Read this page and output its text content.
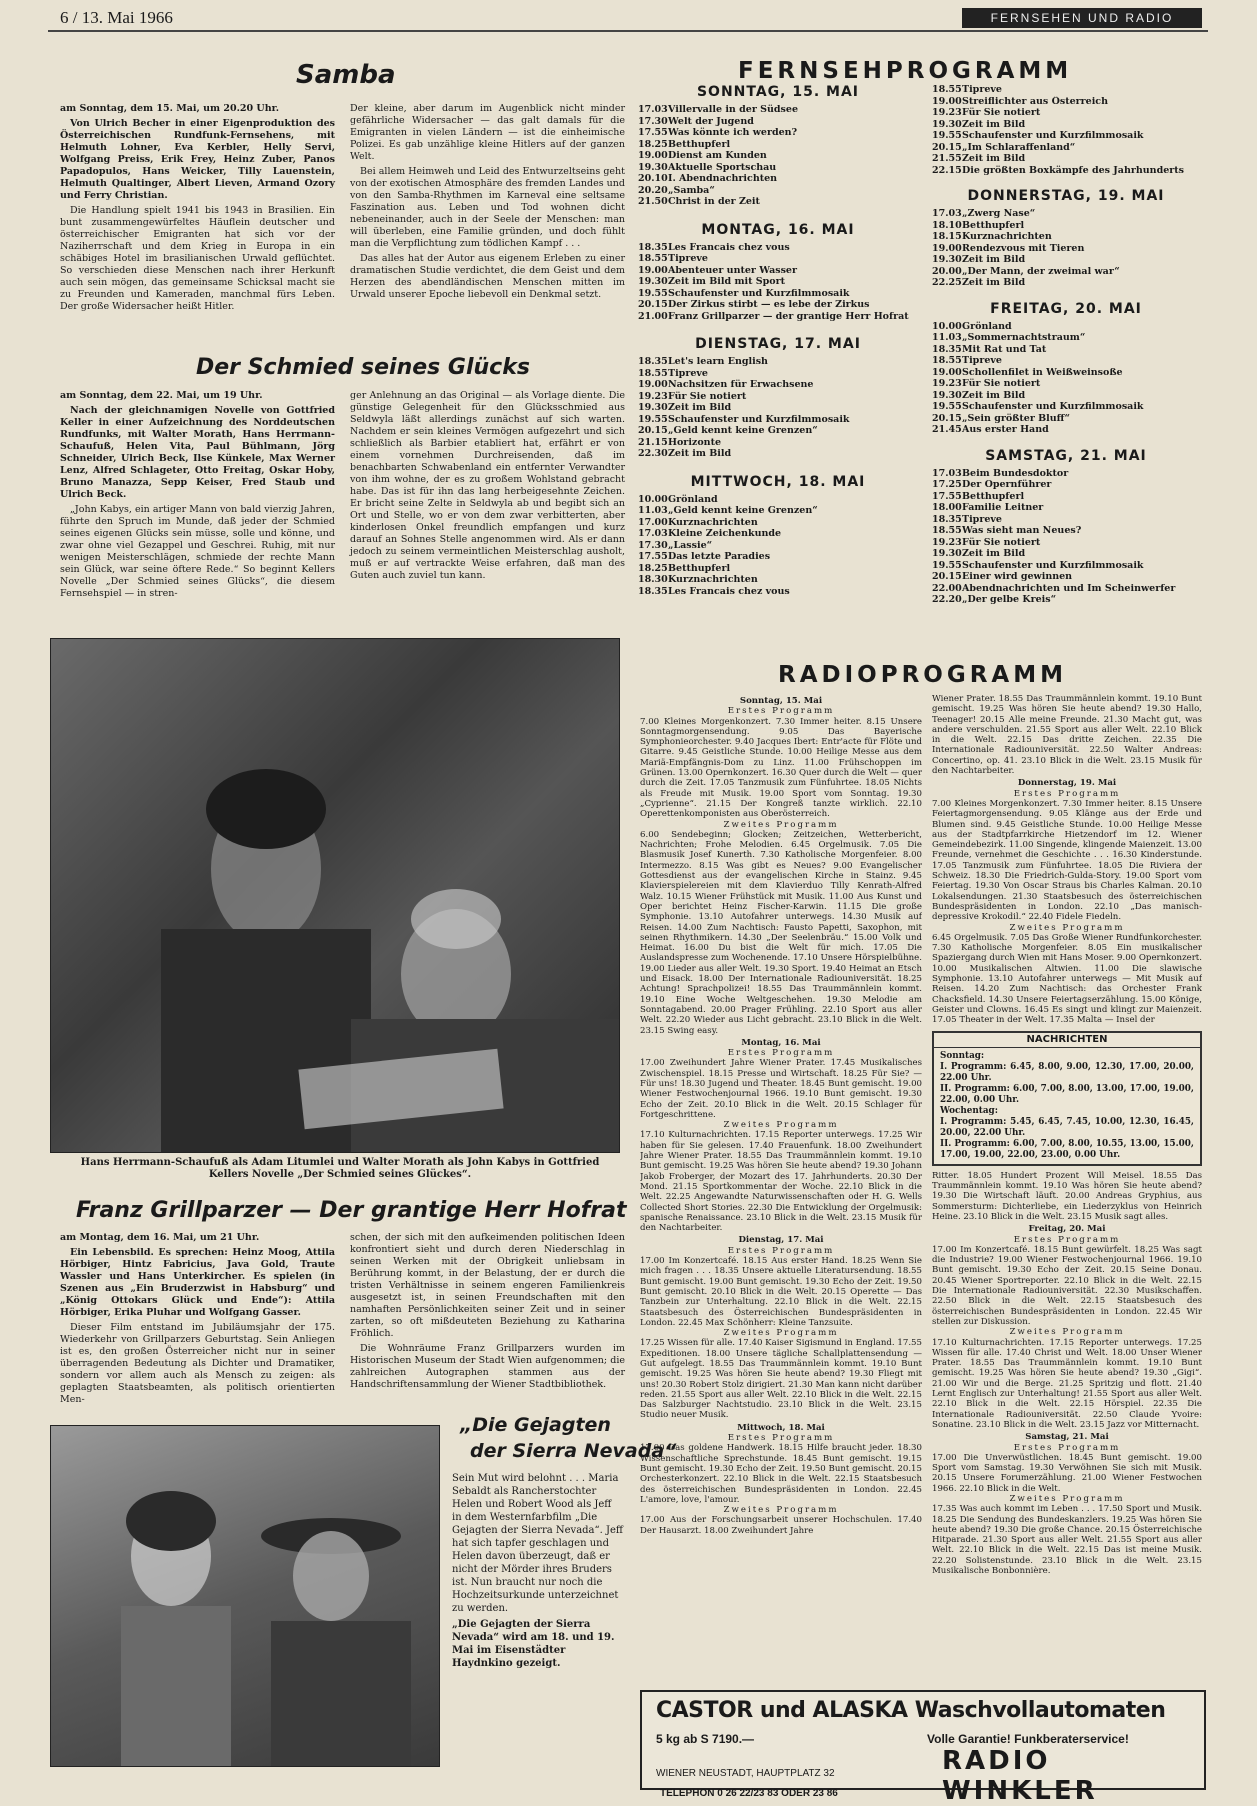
6 / 13. Mai 1966	FERNSEHEN UND RADIO
Samba

am Sonntag, dem 15. Mai, um 20.20 Uhr.

Von Ulrich Becher in einer Eigenproduktion des Österreichischen Rundfunk-Fernsehens, mit Helmuth Lohner, Eva Kerbler, Helly Servi, Wolfgang Preiss, Erik Frey, Heinz Zuber, Panos Papadopulos, Hans Weicker, Tilly Lauenstein, Helmuth Qualtinger, Albert Lieven, Armand Ozory und Ferry Christian.

Die Handlung spielt 1941 bis 1943 in Brasilien. Ein bunt zusammengewürfeltes Häuflein deutscher und österreichischer Emigranten hat sich vor der Naziherrschaft und dem Krieg in Europa in ein schäbiges Hotel im brasilianischen Urwald geflüchtet. So verschieden diese Menschen nach ihrer Herkunft auch sein mögen, das gemeinsame Schicksal macht sie zu Freunden und Kameraden, manchmal fürs Leben. Der große Widersacher heißt Hitler.

Der kleine, aber darum im Augenblick nicht minder gefährliche Widersacher — das galt damals für die Emigranten in vielen Ländern — ist die einheimische Polizei. Es gab unzählige kleine Hitlers auf der ganzen Welt.

Bei allem Heimweh und Leid des Entwurzeltseins geht von der exotischen Atmosphäre des fremden Landes und von den Samba-Rhythmen im Karneval eine seltsame Faszination aus. Leben und Tod wohnen dicht nebeneinander, auch in der Seele der Menschen: man will überleben, eine Familie gründen, und doch fühlt man die Verpflichtung zum tödlichen Kampf . . .

Das alles hat der Autor aus eigenem Erleben zu einer dramatischen Studie verdichtet, die dem Geist und dem Herzen des abendländischen Menschen mitten im Urwald unserer Epoche liebevoll ein Denkmal setzt.

Der Schmied seines Glücks

am Sonntag, dem 22. Mai, um 19 Uhr.

Nach der gleichnamigen Novelle von Gottfried Keller in einer Aufzeichnung des Norddeutschen Rundfunks, mit Walter Morath, Hans Herrmann-Schaufuß, Helen Vita, Paul Bühlmann, Jörg Schneider, Ulrich Beck, Ilse Künkele, Max Werner Lenz, Alfred Schlageter, Otto Freitag, Oskar Hoby, Bruno Manazza, Sepp Keiser, Fred Staub und Ulrich Beck.

„John Kabys, ein artiger Mann von bald vierzig Jahren, führte den Spruch im Munde, daß jeder der Schmied seines eigenen Glücks sein müsse, solle und könne, und zwar ohne viel Gezappel und Geschrei. Ruhig, mit nur wenigen Meisterschlägen, schmiede der rechte Mann sein Glück, war seine öftere Rede.“ So beginnt Kellers Novelle „Der Schmied seines Glücks“, die diesem Fernsehspiel — in stren-

ger Anlehnung an das Original — als Vorlage diente. Die günstige Gelegenheit für den Glücksschmied aus Seldwyla läßt allerdings zunächst auf sich warten. Nachdem er sein kleines Vermögen aufgezehrt und sich schließlich als Barbier etabliert hat, erfährt er von einem vornehmen Durchreisenden, daß im benachbarten Schwabenland ein entfernter Verwandter von ihm wohne, der es zu großem Wohlstand gebracht habe. Das ist für ihn das lang herbeigesehnte Zeichen. Er bricht seine Zelte in Seldwyla ab und begibt sich an Ort und Stelle, wo er von dem zwar verbitterten, aber kinderlosen Onkel freundlich empfangen und kurz darauf an Sohnes Stelle angenommen wird. Als er dann jedoch zu seinem vermeintlichen Meisterschlag ausholt, muß er auf vertrackte Weise erfahren, daß man des Guten auch zuviel tun kann.

Hans Herrmann-Schaufuß als Adam Litumlei und Walter Morath als John Kabys in Gottfried Kellers Novelle „Der Schmied seines Glückes“.
Franz Grillparzer — Der grantige Herr Hofrat

am Montag, dem 16. Mai, um 21 Uhr.

Ein Lebensbild. Es sprechen: Heinz Moog, Attila Hörbiger, Hintz Fabricius, Java Gold, Traute Wassler und Hans Unterkircher. Es spielen (in Szenen aus „Ein Bruderzwist in Habsburg“ und „König Ottokars Glück und Ende“): Attila Hörbiger, Erika Pluhar und Wolfgang Gasser.

Dieser Film entstand im Jubiläumsjahr der 175. Wiederkehr von Grillparzers Geburtstag. Sein Anliegen ist es, den großen Österreicher nicht nur in seiner überragenden Bedeutung als Dichter und Dramatiker, sondern vor allem auch als Mensch zu zeigen: als geplagten Staatsbeamten, als politisch orientierten Men-

schen, der sich mit den aufkeimenden politischen Ideen konfrontiert sieht und durch deren Niederschlag in seinen Werken mit der Obrigkeit unliebsam in Berührung kommt, in der Belastung, der er durch die tristen Verhältnisse in seinem engeren Familienkreis ausgesetzt ist, in seinen Freundschaften mit den namhaften Persönlichkeiten seiner Zeit und in seiner zarten, so oft mißdeuteten Beziehung zu Katharina Fröhlich.

Die Wohnräume Franz Grillparzers wurden im Historischen Museum der Stadt Wien aufgenommen; die zahlreichen Autographen stammen aus der Handschriftensammlung der Wiener Stadtbibliothek.

„Die Gejagten
der Sierra Nevada“

Sein Mut wird belohnt . . . Maria Sebaldt als Rancherstochter Helen und Robert Wood als Jeff in dem Westernfarbfilm „Die Gejagten der Sierra Nevada“. Jeff hat sich tapfer geschlagen und Helen davon überzeugt, daß er nicht der Mörder ihres Bruders ist. Nun braucht nur noch die Hochzeitsurkunde unterzeichnet zu werden.

„Die Gejagten der Sierra Nevada“ wird am 18. und 19. Mai im Eisenstädter Haydnkino gezeigt.

FERNSEHPROGRAMM
SONNTAG, 15. MAI
17.03Villervalle in der Südsee
17.30Welt der Jugend
17.55Was könnte ich werden?
18.25Betthupferl
19.00Dienst am Kunden
19.30Aktuelle Sportschau
20.10I. Abendnachrichten
20.20„Samba“
21.50Christ in der Zeit
MONTAG, 16. MAI
18.35Les Francais chez vous
18.55Tipreve
19.00Abenteuer unter Wasser
19.30Zeit im Bild mit Sport
19.55Schaufenster und Kurzfilmmosaik
20.15Der Zirkus stirbt — es lebe der Zirkus
21.00Franz Grillparzer — der grantige Herr Hofrat
DIENSTAG, 17. MAI
18.35Let's learn English
18.55Tipreve
19.00Nachsitzen für Erwachsene
19.23Für Sie notiert
19.30Zeit im Bild
19.55Schaufenster und Kurzfilmmosaik
20.15„Geld kennt keine Grenzen“
21.15Horizonte
22.30Zeit im Bild
MITTWOCH, 18. MAI
10.00Grönland
11.03„Geld kennt keine Grenzen“
17.00Kurznachrichten
17.03Kleine Zeichenkunde
17.30„Lassie“
17.55Das letzte Paradies
18.25Betthupferl
18.30Kurznachrichten
18.35Les Francais chez vous
18.55Tipreve
19.00Streiflichter aus Österreich
19.23Für Sie notiert
19.30Zeit im Bild
19.55Schaufenster und Kurzfilmmosaik
20.15„Im Schlaraffenland“
21.55Zeit im Bild
22.15Die größten Boxkämpfe des Jahrhunderts
DONNERSTAG, 19. MAI
17.03„Zwerg Nase“
18.10Betthupferl
18.15Kurznachrichten
19.00Rendezvous mit Tieren
19.30Zeit im Bild
20.00„Der Mann, der zweimal war“
22.25Zeit im Bild
FREITAG, 20. MAI
10.00Grönland
11.03„Sommernachtstraum“
18.35Mit Rat und Tat
18.55Tipreve
19.00Schollenfilet in Weißweinsoße
19.23Für Sie notiert
19.30Zeit im Bild
19.55Schaufenster und Kurzfilmmosaik
20.15„Sein größter Bluff“
21.45Aus erster Hand
SAMSTAG, 21. MAI
17.03Beim Bundesdoktor
17.25Der Opernführer
17.55Betthupferl
18.00Familie Leitner
18.35Tipreve
18.55Was sieht man Neues?
19.23Für Sie notiert
19.30Zeit im Bild
19.55Schaufenster und Kurzfilmmosaik
20.15Einer wird gewinnen
22.00Abendnachrichten und Im Scheinwerfer
22.20„Der gelbe Kreis“
RADIOPROGRAMM
Sonntag, 15. Mai
Erstes Programm

7.00 Kleines Morgenkonzert. 7.30 Immer heiter. 8.15 Unsere Sonntagmorgensendung. 9.05 Das Bayerische Symphonieorchester. 9.40 Jacques Ibert: Entr'acte für Flöte und Gitarre. 9.45 Geistliche Stunde. 10.00 Heilige Messe aus dem Mariä-Empfängnis-Dom zu Linz. 11.00 Frühschoppen im Grünen. 13.00 Opernkonzert. 16.30 Quer durch die Welt — quer durch die Zeit. 17.05 Tanzmusik zum Fünfuhrtee. 18.05 Nichts als Freude mit Musik. 19.00 Sport vom Sonntag. 19.30 „Cyprienne“. 21.15 Der Kongreß tanzte wirklich. 22.10 Operettenkomponisten aus Oberösterreich.

Zweites Programm

6.00 Sendebeginn; Glocken; Zeitzeichen, Wetterbericht, Nachrichten; Frohe Melodien. 6.45 Orgelmusik. 7.05 Die Blasmusik Josef Kunerth. 7.30 Katholische Morgenfeier. 8.00 Intermezzo. 8.15 Was gibt es Neues? 9.00 Evangelischer Gottesdienst aus der evangelischen Kirche in Stainz. 9.45 Klavierspielereien mit dem Klavierduo Tilly Kenrath-Alfred Walz. 10.15 Wiener Frühstück mit Musik. 11.00 Aus Kunst und Oper berichtet Heinz Fischer-Karwin. 11.15 Die große Symphonie. 13.10 Autofahrer unterwegs. 14.30 Musik auf Reisen. 14.00 Zum Nachtisch: Fausto Papetti, Saxophon, mit seinen Rhythmikern. 14.30 „Der Seelenbräu.“ 15.00 Volk und Heimat. 16.00 Du bist die Welt für mich. 17.05 Die Auslandspresse zum Wochenende. 17.10 Unsere Hörspielbühne. 19.00 Lieder aus aller Welt. 19.30 Sport. 19.40 Heimat an Etsch und Eisack. 18.00 Der Internationale Radiouniversität. 18.25 Achtung! Sprachpolizei! 18.55 Das Traummännlein kommt. 19.10 Eine Woche Weltgeschehen. 19.30 Melodie am Sonntagabend. 20.00 Prager Frühling. 22.10 Sport aus aller Welt. 22.20 Wieder aus Licht gebracht. 23.10 Blick in die Welt. 23.15 Swing easy.

Montag, 16. Mai
Erstes Programm

17.00 Zweihundert Jahre Wiener Prater. 17.45 Musikalisches Zwischenspiel. 18.15 Presse und Wirtschaft. 18.25 Für Sie? — Für uns! 18.30 Jugend und Theater. 18.45 Bunt gemischt. 19.00 Wiener Festwochenjournal 1966. 19.10 Bunt gemischt. 19.30 Echo der Zeit. 20.10 Blick in die Welt. 20.15 Schlager für Fortgeschrittene.

Zweites Programm

17.10 Kulturnachrichten. 17.15 Reporter unterwegs. 17.25 Wir haben für Sie gelesen. 17.40 Frauenfunk. 18.00 Zweihundert Jahre Wiener Prater. 18.55 Das Traummännlein kommt. 19.10 Bunt gemischt. 19.25 Was hören Sie heute abend? 19.30 Johann Jakob Froberger, der Mozart des 17. Jahrhunderts. 20.30 Der Mond. 21.15 Sportkommentar der Woche. 22.10 Blick in die Welt. 22.25 Angewandte Naturwissenschaften oder H. G. Wells Collected Short Stories. 22.30 Die Entwicklung der Orgelmusik: spanische Renaissance. 23.10 Blick in die Welt. 23.15 Musik für den Nachtarbeiter.

Dienstag, 17. Mai
Erstes Programm

17.00 Im Konzertcafé. 18.15 Aus erster Hand. 18.25 Wenn Sie mich fragen . . . 18.35 Unsere aktuelle Literatursendung. 18.55 Bunt gemischt. 19.00 Bunt gemischt. 19.30 Echo der Zeit. 19.50 Bunt gemischt. 20.10 Blick in die Welt. 20.15 Operette — Das Tanzbein zur Unterhaltung. 22.10 Blick in die Welt. 22.15 Staatsbesuch des Österreichischen Bundespräsidenten in London. 22.45 Max Schönherr: Kleine Tanzsuite.

Zweites Programm

17.25 Wissen für alle. 17.40 Kaiser Sigismund in England. 17.55 Expeditionen. 18.00 Unsere tägliche Schallplattensendung — Gut aufgelegt. 18.55 Das Traummännlein kommt. 19.10 Bunt gemischt. 19.25 Was hören Sie heute abend? 19.30 Fliegt mit uns! 20.30 Robert Stolz dirigiert. 21.30 Man kann nicht darüber reden. 21.55 Sport aus aller Welt. 22.10 Blick in die Welt. 22.15 Das Salzburger Nachtstudio. 23.10 Blick in die Welt. 23.15 Studio neuer Musik.

Mittwoch, 18. Mai
Erstes Programm

17.00 Das goldene Handwerk. 18.15 Hilfe braucht jeder. 18.30 Wissenschaftliche Sprechstunde. 18.45 Bunt gemischt. 19.15 Bunt gemischt. 19.30 Echo der Zeit. 19.50 Bunt gemischt. 20.15 Orchesterkonzert. 22.10 Blick in die Welt. 22.15 Staatsbesuch des österreichischen Bundespräsidenten in London. 22.45 L'amore, love, l'amour.

Zweites Programm

17.00 Aus der Forschungsarbeit unserer Hochschulen. 17.40 Der Hausarzt. 18.00 Zweihundert Jahre

Wiener Prater. 18.55 Das Traummännlein kommt. 19.10 Bunt gemischt. 19.25 Was hören Sie heute abend? 19.30 Hallo, Teenager! 20.15 Alle meine Freunde. 21.30 Macht gut, was andere verschulden. 21.55 Sport aus aller Welt. 22.10 Blick in die Welt. 22.15 Das dritte Zeichen. 22.35 Die Internationale Radiouniversität. 22.50 Walter Andreas: Concertino, op. 41. 23.10 Blick in die Welt. 23.15 Musik für den Nachtarbeiter.

Donnerstag, 19. Mai
Erstes Programm

7.00 Kleines Morgenkonzert. 7.30 Immer heiter. 8.15 Unsere Feiertagmorgensendung. 9.05 Klänge aus der Erde und Blumen sind. 9.45 Geistliche Stunde. 10.00 Heilige Messe aus der Stadtpfarrkirche Hietzendorf im 12. Wiener Gemeindebezirk. 11.00 Singende, klingende Maienzeit. 13.00 Freunde, vernehmet die Geschichte . . . 16.30 Kinderstunde. 17.05 Tanzmusik zum Fünfuhrtee. 18.05 Die Riviera der Schweiz. 18.30 Die Friedrich-Gulda-Story. 19.00 Sport vom Feiertag. 19.30 Von Oscar Straus bis Charles Kalman. 20.10 Lokalsendungen. 21.30 Staatsbesuch des österreichischen Bundespräsidenten in London. 22.10 „Das manisch-depressive Krokodil.“ 22.40 Fidele Fiedeln.

Zweites Programm

6.45 Orgelmusik. 7.05 Das Große Wiener Rundfunkorchester. 7.30 Katholische Morgenfeier. 8.05 Ein musikalischer Spaziergang durch Wien mit Hans Moser. 9.00 Opernkonzert. 10.00 Musikalischen Altwien. 11.00 Die slawische Symphonie. 13.10 Autofahrer unterwegs — Mit Musik auf Reisen. 14.20 Zum Nachtisch: das Orchester Frank Chacksfield. 14.30 Unsere Feiertagserzählung. 15.00 Könige, Geister und Clowns. 16.45 Es singt und klingt zur Maienzeit. 17.05 Theater in der Welt. 17.35 Malta — Insel der

NACHRICHTEN
Sonntag:
I. Programm: 6.45, 8.00, 9.00, 12.30, 17.00, 20.00, 22.00 Uhr.
II. Programm: 6.00, 7.00, 8.00, 13.00, 17.00, 19.00, 22.00, 0.00 Uhr.
Wochentag:
I. Programm: 5.45, 6.45, 7.45, 10.00, 12.30, 16.45, 20.00, 22.00 Uhr.
II. Programm: 6.00, 7.00, 8.00, 10.55, 13.00, 15.00, 17.00, 19.00, 22.00, 23.00, 0.00 Uhr.

Ritter. 18.05 Hundert Prozent Will Meisel. 18.55 Das Traummännlein kommt. 19.10 Was hören Sie heute abend? 19.30 Die Wirtschaft läuft. 20.00 Andreas Gryphius, aus Sommersturm: Dichterliebe, ein Liederzyklus von Heinrich Heine. 23.10 Blick in die Welt. 23.15 Musik sagt alles.

Freitag, 20. Mai
Erstes Programm

17.00 Im Konzertcafé. 18.15 Bunt gewürfelt. 18.25 Was sagt die Industrie? 19.00 Wiener Festwochenjournal 1966. 19.10 Bunt gemischt. 19.30 Echo der Zeit. 20.15 Seine Donau. 20.45 Wiener Sportreporter. 22.10 Blick in die Welt. 22.15 Die Internationale Radiouniversität. 22.30 Musikschaffen. 22.50 Blick in die Welt. 22.15 Staatsbesuch des österreichischen Bundespräsidenten in London. 22.45 Wir stellen zur Diskussion.

Zweites Programm

17.10 Kulturnachrichten. 17.15 Reporter unterwegs. 17.25 Wissen für alle. 17.40 Christ und Welt. 18.00 Unser Wiener Prater. 18.55 Das Traummännlein kommt. 19.10 Bunt gemischt. 19.25 Was hören Sie heute abend? 19.30 „Gigi“. 21.00 Wir und die Berge. 21.25 Spritzig und flott. 21.40 Lernt Englisch zur Unterhaltung! 21.55 Sport aus aller Welt. 22.10 Blick in die Welt. 22.15 Hörspiel. 22.35 Die Internationale Radiouniversität. 22.50 Claude Yvoire: Sonatine. 23.10 Blick in die Welt. 23.15 Jazz vor Mitternacht.

Samstag, 21. Mai
Erstes Programm

17.00 Die Unverwüstlichen. 18.45 Bunt gemischt. 19.00 Sport vom Samstag. 19.30 Verwöhnen Sie sich mit Musik. 20.15 Unsere Forumerzählung. 21.00 Wiener Festwochen 1966. 22.10 Blick in die Welt.

Zweites Programm

17.35 Was auch kommt im Leben . . . 17.50 Sport und Musik. 18.25 Die Sendung des Bundeskanzlers. 19.25 Was hören Sie heute abend? 19.30 Die große Chance. 20.15 Österreichische Hitparade. 21.30 Sport aus aller Welt. 21.55 Sport aus aller Welt. 22.10 Blick in die Welt. 22.15 Das ist meine Musik. 22.20 Solistenstunde. 23.10 Blick in die Welt. 23.15 Musikalische Bonbonnière.

CASTOR und ALASKA Waschvollautomaten
5 kg ab S 7190.—	Volle Garantie! Funkberaterservice!
RADIO WINKLER
WIENER NEUSTADT, HAUPTPLATZ 32
TELEPHON 0 26 22/23 83 ODER 23 86
